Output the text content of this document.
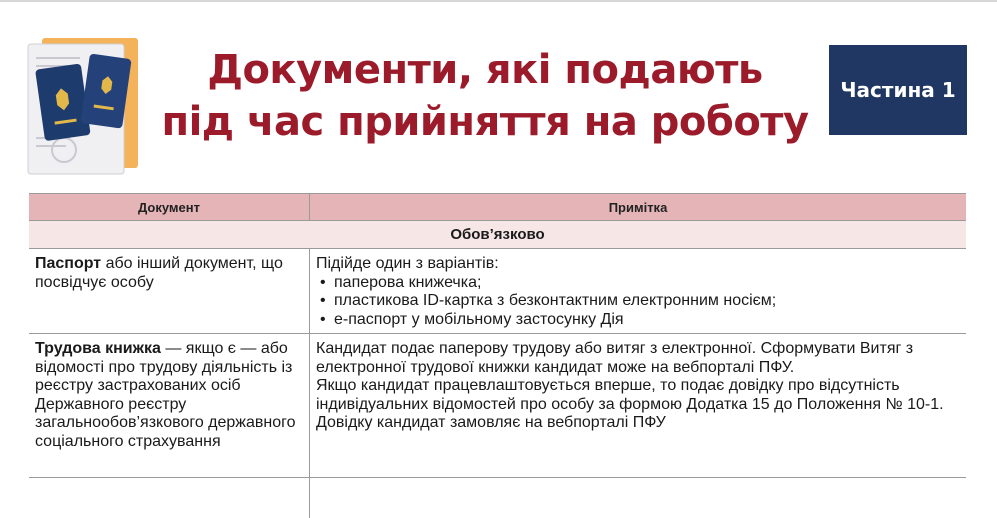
Документи, які подають
під час прийняття на роботу
Частина 1
Документ	Примітка
Обов’язково
Паспорт або інший документ, що посвідчує особу
Підійде один з варіантів:
• паперова книжечка;
• пластикова ID-картка з безконтактним електронним носієм;
• е-паспорт у мобільному застосунку Дія
Трудова книжка — якщо є — або відомості про трудову діяльність із реєстру застрахованих осіб Державного реєстру загальнообов’язкового державного соціального страхування
Кандидат подає паперову трудову або витяг з електронної. Сформувати Витяг з електронної трудової книжки кандидат може на вебпорталі ПФУ.
Якщо кандидат працевлаштовується вперше, то подає довідку про відсутність індивідуальних відомостей про особу за формою Додатка 15 до Положення № 10-1. Довідку кандидат замовляє на вебпорталі ПФУ
